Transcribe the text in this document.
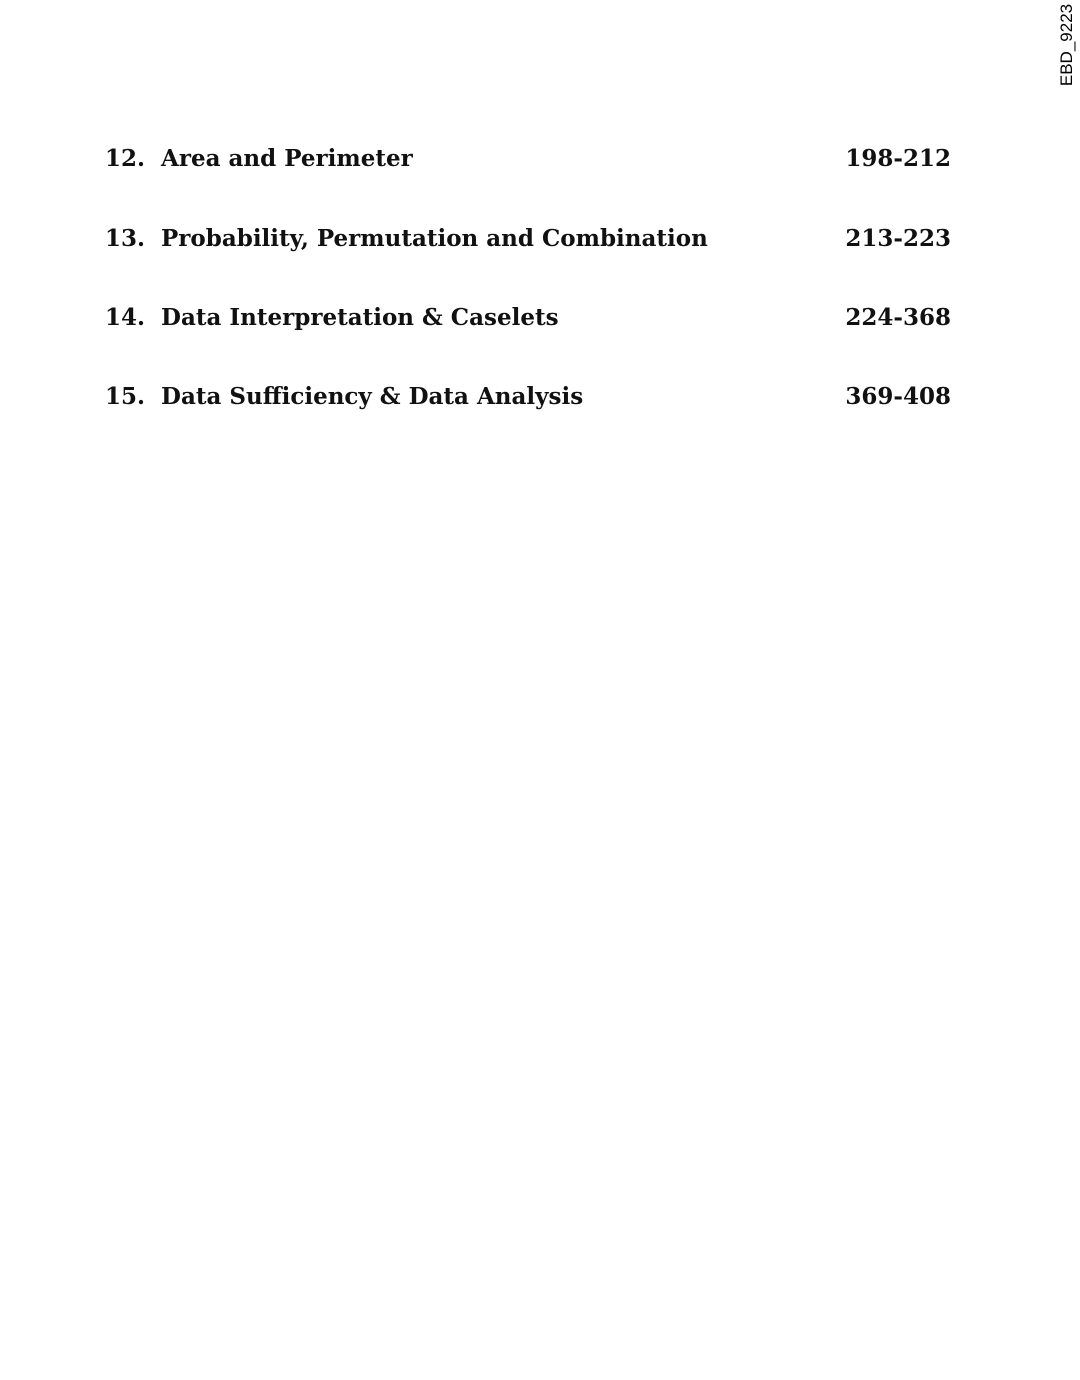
EBD_9223
12. Area and Perimeter	198-212
13. Probability, Permutation and Combination	213-223
14. Data Interpretation & Caselets	224-368
15. Data Sufficiency & Data Analysis	369-408
